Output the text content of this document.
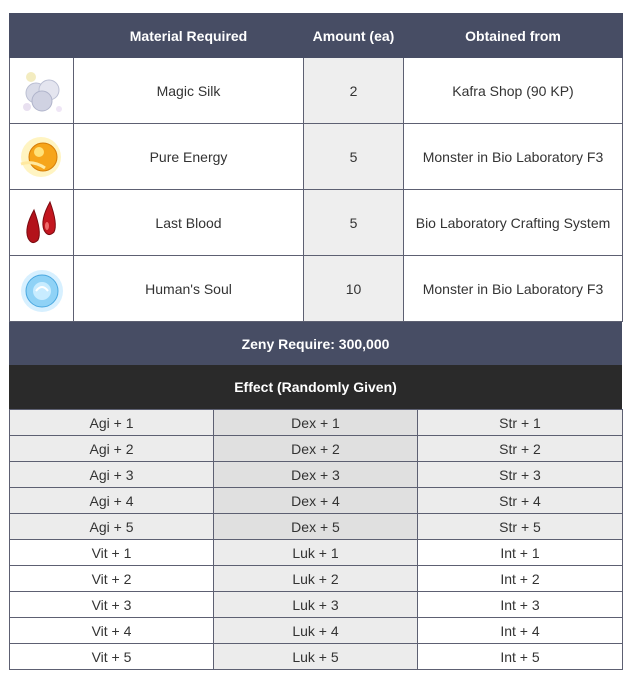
	Material Required	Amount (ea)	Obtained from

	Magic Silk	2	Kafra Shop (90 KP)

	Pure Energy	5	Monster in Bio Laboratory F3

	Last Blood	5	Bio Laboratory Crafting System

	Human's Soul	10	Monster in Bio Laboratory F3
Zeny Require: 300,000
Effect (Randomly Given)
Agi + 1	Dex + 1	Str + 1
Agi + 2	Dex + 2	Str + 2
Agi + 3	Dex + 3	Str + 3
Agi + 4	Dex + 4	Str + 4
Agi + 5	Dex + 5	Str + 5
Vit + 1	Luk + 1	Int + 1
Vit + 2	Luk + 2	Int + 2
Vit + 3	Luk + 3	Int + 3
Vit + 4	Luk + 4	Int + 4
Vit + 5	Luk + 5	Int + 5
